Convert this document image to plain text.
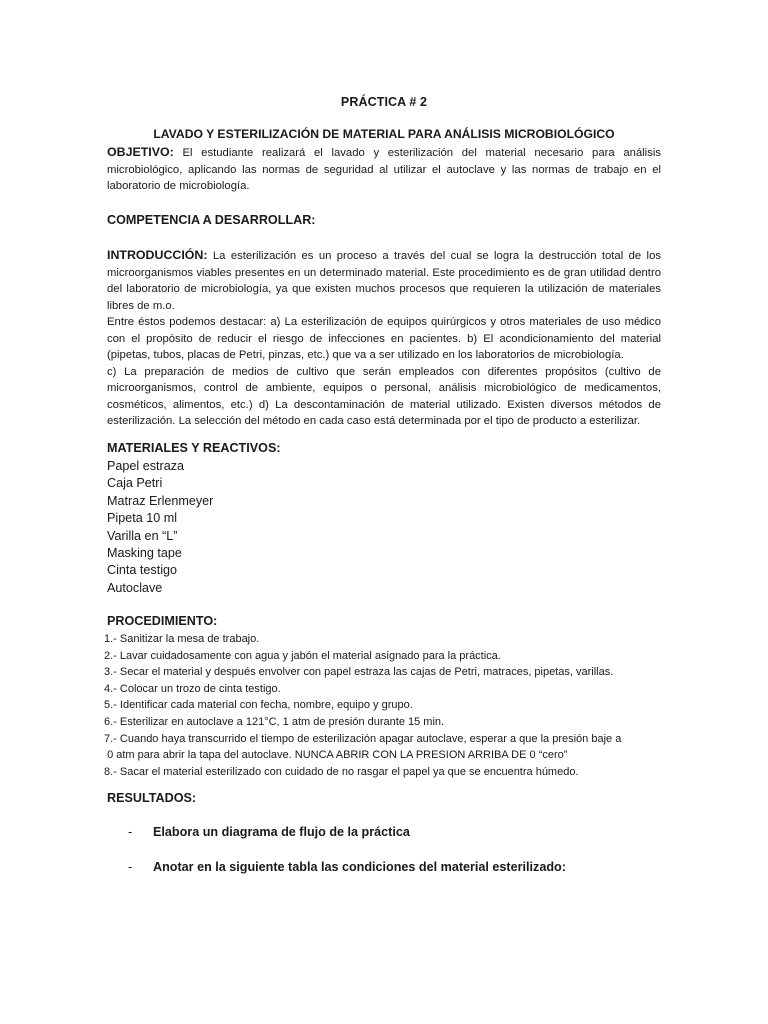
PRÁCTICA # 2
LAVADO Y ESTERILIZACIÓN DE MATERIAL PARA ANÁLISIS MICROBIOLÓGICO

OBJETIVO: El estudiante realizará el lavado y esterilización del material necesario para análisis microbiológico, aplicando las normas de seguridad al utilizar el autoclave y las normas de trabajo en el laboratorio de microbiología.

COMPETENCIA A DESARROLLAR:

INTRODUCCIÓN: La esterilización es un proceso a través del cual se logra la destrucción total de los microorganismos viables presentes en un determinado material. Este procedimiento es de gran utilidad dentro del laboratorio de microbiología, ya que existen muchos procesos que requieren la utilización de materiales libres de m.o.

Entre éstos podemos destacar: a) La esterilización de equipos quirúrgicos y otros materiales de uso médico con el propósito de reducir el riesgo de infecciones en pacientes. b) El acondicionamiento del material (pipetas, tubos, placas de Petri, pinzas, etc.) que va a ser utilizado en los laboratorios de microbiología.

c) La preparación de medios de cultivo que serán empleados con diferentes propósitos (cultivo de microorganismos, control de ambiente, equipos o personal, análisis microbiológico de medicamentos, cosméticos, alimentos, etc.) d) La descontaminación de material utilizado. Existen diversos métodos de esterilización. La selección del método en cada caso está determinada por el tipo de producto a esterilizar.

MATERIALES Y REACTIVOS:
Papel estraza
Caja Petri
Matraz Erlenmeyer
Pipeta 10 ml
Varilla en “L”
Masking tape
Cinta testigo
Autoclave
PROCEDIMIENTO:
1.- Sanitizar la mesa de trabajo.
2.- Lavar cuidadosamente con agua y jabón el material asignado para la práctica.
3.- Secar el material y después envolver con papel estraza las cajas de Petri, matraces, pipetas, varillas.
4.- Colocar un trozo de cinta testigo.
5.- Identificar cada material con fecha, nombre, equipo y grupo.
6.- Esterilizar en autoclave a 121°C, 1 atm de presión durante 15 min.
7.- Cuando haya transcurrido el tiempo de esterilización apagar autoclave, esperar a que la presión baje a
0 atm para abrir la tapa del autoclave. NUNCA ABRIR CON LA PRESION ARRIBA DE 0 “cero”
8.- Sacar el material esterilizado con cuidado de no rasgar el papel ya que se encuentra húmedo.
RESULTADOS:
- Elabora un diagrama de flujo de la práctica
- Anotar en la siguiente tabla las condiciones del material esterilizado:
